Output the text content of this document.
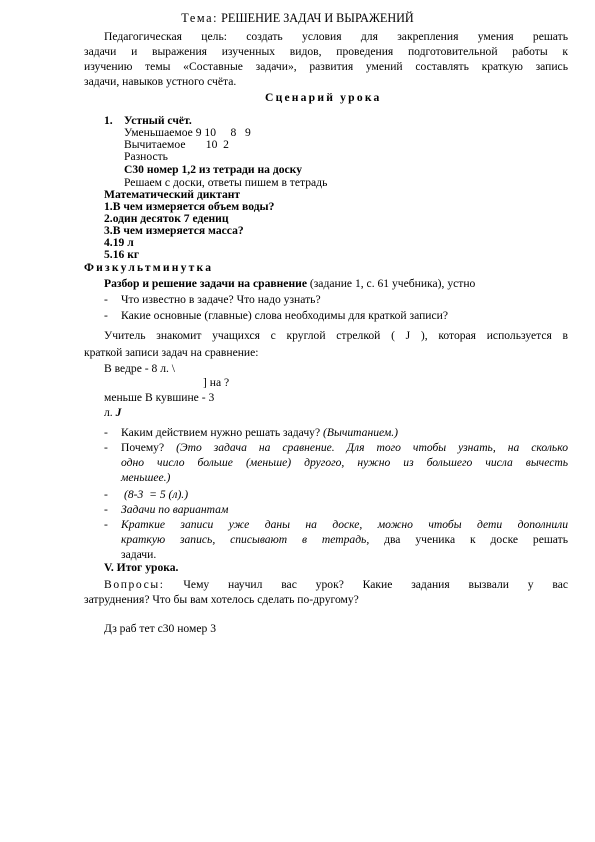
Тема: РЕШЕНИЕ ЗАДАЧ И ВЫРАЖЕНИЙ
Педагогическая цель: создать условия для закрепления умения решать
задачи и выражения изученных видов, проведения подготовительной работы к
изучению темы «Составные задачи», развития умений составлять краткую запись
задачи, навыков устного счёта.
Сценарий урока
1. Устный счёт.
Уменьшаемое 9 10     8   9
Вычитаемое       10  2
Разность
С30 номер 1,2 из тетради на доску
Решаем с доски, ответы пишем в тетрадь
Математический диктант
1.В чем измеряется объем воды?
2.один десяток 7 едениц
3.В чем измеряется масса?
4.19 л
5.16 кг
Физкультминутка
Разбор и решение задачи на сравнение (задание 1, с. 61 учебника), устно
- Что известно в задаче? Что надо узнать?
- Какие основные (главные) слова необходимы для краткой записи?
Учитель знакомит учащихся с круглой стрелкой ( J ), которая используется в
краткой записи задач на сравнение:
В ведре - 8 л. \
] на ?
меньше В кувшине - 3
л. J
- Каким действием нужно решать задачу? (Вычитанием.)
- Почему? (Это задача на сравнение. Для того чтобы узнать, на сколько
одно число больше (меньше) другого, нужно из большего числа вычесть
меньшее.)
- (8-3  = 5 (л).)
- Задачи по вариантам
- Краткие записи уже даны на доске, можно чтобы дети дополнили
краткую запись, списывают в тетрадь, два ученика к доске решать
задачи.
V. Итог урока.
Вопросы: Чему научил вас урок? Какие задания вызвали у вас
затруднения? Что бы вам хотелось сделать по-другому?
Дз раб тет с30 номер 3
